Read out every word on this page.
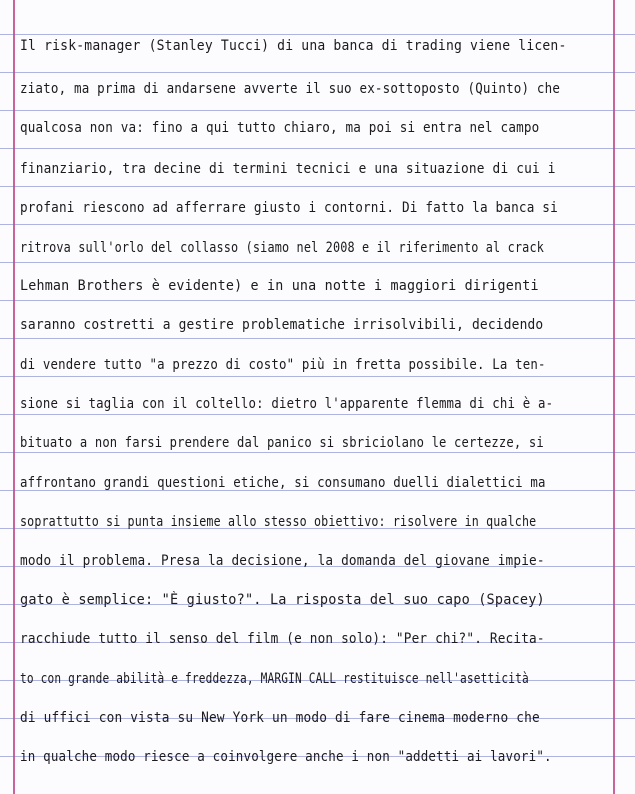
Il risk-manager (Stanley Tucci) di una banca di trading viene licen-
ziato, ma prima di andarsene avverte il suo ex-sottoposto (Quinto) che
qualcosa non va: fino a qui tutto chiaro, ma poi si entra nel campo
finanziario, tra decine di termini tecnici e una situazione di cui i
profani riescono ad afferrare giusto i contorni. Di fatto la banca si
ritrova sull'orlo del collasso (siamo nel 2008 e il riferimento al crack
Lehman Brothers è evidente) e in una notte i maggiori dirigenti
saranno costretti a gestire problematiche irrisolvibili, decidendo
di vendere tutto "a prezzo di costo" più in fretta possibile. La ten-
sione si taglia con il coltello: dietro l'apparente flemma di chi è a-
bituato a non farsi prendere dal panico si sbriciolano le certezze, si
affrontano grandi questioni etiche, si consumano duelli dialettici ma
soprattutto si punta insieme allo stesso obiettivo: risolvere in qualche
modo il problema. Presa la decisione, la domanda del giovane impie-
gato è semplice: "È giusto?". La risposta del suo capo (Spacey)
racchiude tutto il senso del film (e non solo): "Per chi?". Recita-
to con grande abilità e freddezza, MARGIN CALL restituisce nell'asetticità
di uffici con vista su New York un modo di fare cinema moderno che
in qualche modo riesce a coinvolgere anche i non "addetti ai lavori".
